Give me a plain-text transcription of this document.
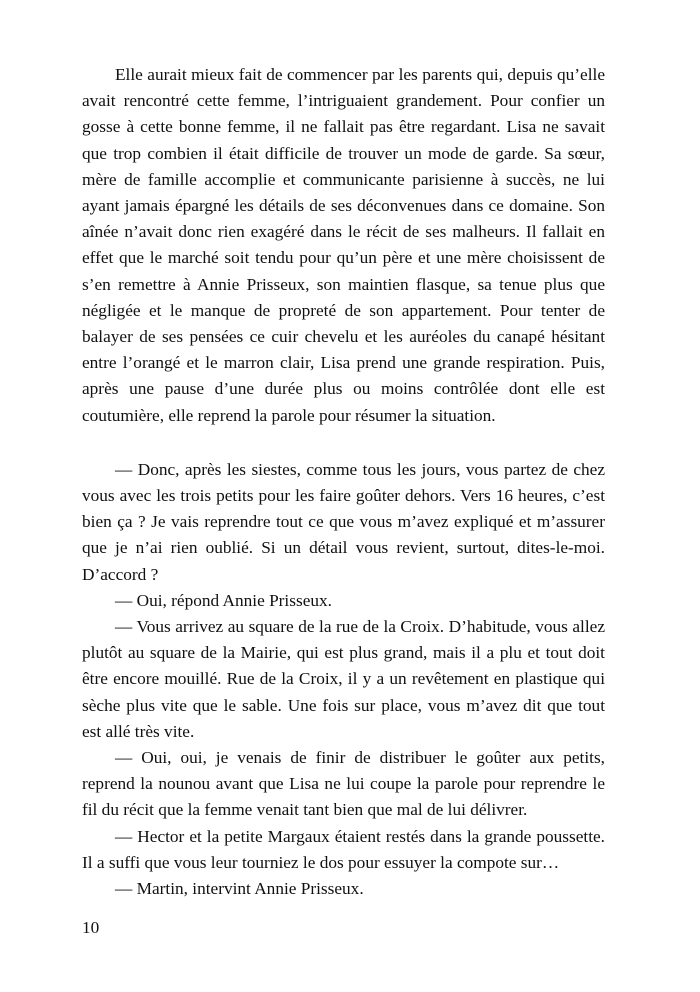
Elle aurait mieux fait de commencer par les parents qui, depuis qu’elle avait rencontré cette femme, l’intriguaient grandement. Pour confier un gosse à cette bonne femme, il ne fallait pas être regardant. Lisa ne savait que trop combien il était difficile de trouver un mode de garde. Sa sœur, mère de famille accomplie et communicante parisienne à succès, ne lui ayant jamais épargné les détails de ses déconvenues dans ce domaine. Son aînée n’avait donc rien exagéré dans le récit de ses malheurs. Il fallait en effet que le marché soit tendu pour qu’un père et une mère choisissent de s’en remettre à Annie Prisseux, son maintien flasque, sa tenue plus que négligée et le manque de propreté de son appartement. Pour tenter de balayer de ses pensées ce cuir chevelu et les auréoles du canapé hésitant entre l’orangé et le marron clair, Lisa prend une grande respiration. Puis, après une pause d’une durée plus ou moins contrôlée dont elle est coutumière, elle reprend la parole pour résumer la situation.

— Donc, après les siestes, comme tous les jours, vous partez de chez vous avec les trois petits pour les faire goûter dehors. Vers 16 heures, c’est bien ça ? Je vais reprendre tout ce que vous m’avez expliqué et m’assurer que je n’ai rien oublié. Si un détail vous revient, surtout, dites-le-moi. D’accord ?

— Oui, répond Annie Prisseux.

— Vous arrivez au square de la rue de la Croix. D’habitude, vous allez plutôt au square de la Mairie, qui est plus grand, mais il a plu et tout doit être encore mouillé. Rue de la Croix, il y a un revêtement en plastique qui sèche plus vite que le sable. Une fois sur place, vous m’avez dit que tout est allé très vite.

— Oui, oui, je venais de finir de distribuer le goûter aux petits, reprend la nounou avant que Lisa ne lui coupe la parole pour reprendre le fil du récit que la femme venait tant bien que mal de lui délivrer.

— Hector et la petite Margaux étaient restés dans la grande poussette. Il a suffi que vous leur tourniez le dos pour essuyer la compote sur…

— Martin, intervint Annie Prisseux.

10
